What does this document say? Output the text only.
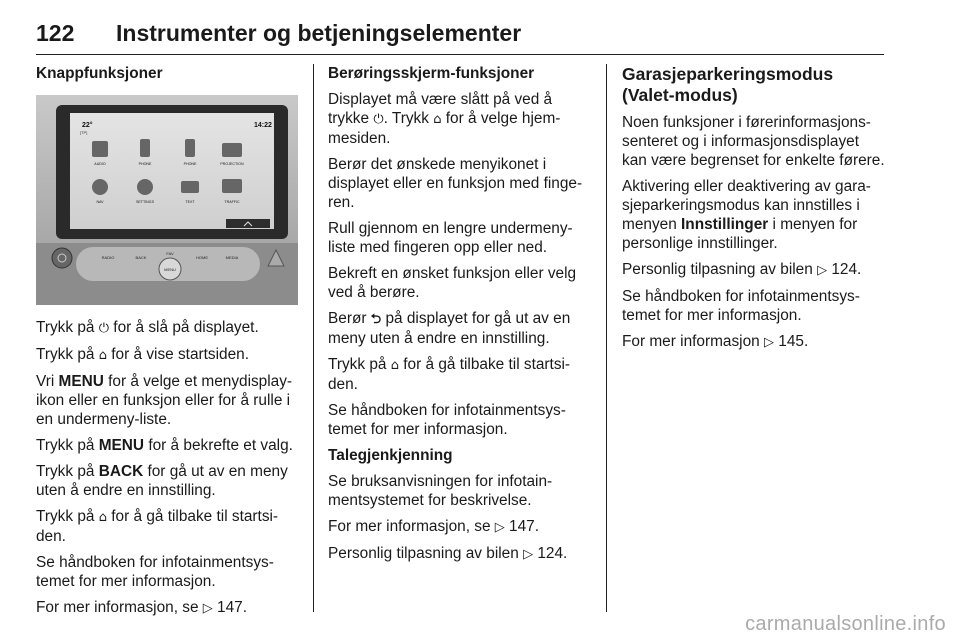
122 Instrumenter og betjeningselementer

Knappfunksjoner

22°
[TP]
14:22
AUDIO	PHONE	PHONE	PROJECTION
NAV	SETTINGS	TEXT	TRAFFIC
RADIO	BACK
FAV
HOME	MEDIA
MENU

Trykk på ⏻ for å slå på displayet.

Trykk på ⌂ for å vise startsiden.

Vri MENU for å velge et menydisplay-ikon eller en funksjon eller for å rulle i en undermeny-liste.

Trykk på MENU for å bekrefte et valg.

Trykk på BACK for gå ut av en meny uten å endre en innstilling.

Trykk på ⌂ for å gå tilbake til startsi-den.

Se håndboken for infotainmentsys-temet for mer informasjon.

For mer informasjon, se ▷ 147.

Berøringsskjerm-funksjoner

Displayet må være slått på ved å trykke ⏻. Trykk ⌂ for å velge hjem-mesiden.

Berør det ønskede menyikonet i displayet eller en funksjon med finge-ren.

Rull gjennom en lengre undermeny-liste med fingeren opp eller ned.

Bekreft en ønsket funksjon eller velg ved å berøre.

Berør ⮌ på displayet for gå ut av en meny uten å endre en innstilling.

Trykk på ⌂ for å gå tilbake til startsi-den.

Se håndboken for infotainmentsys-temet for mer informasjon.

Talegjenkjenning

Se bruksanvisningen for infotain-mentsystemet for beskrivelse.

For mer informasjon, se ▷ 147.

Personlig tilpasning av bilen ▷ 124.

Garasjeparkeringsmodus (Valet-modus)

Noen funksjoner i førerinformasjons-senteret og i informasjonsdisplayet kan være begrenset for enkelte førere.

Aktivering eller deaktivering av gara-sjeparkeringsmodus kan innstilles i menyen Innstillinger i menyen for personlige innstillinger.

Personlig tilpasning av bilen ▷ 124.

Se håndboken for infotainmentsys-temet for mer informasjon.

For mer informasjon ▷ 145.

carmanualsonline.info
